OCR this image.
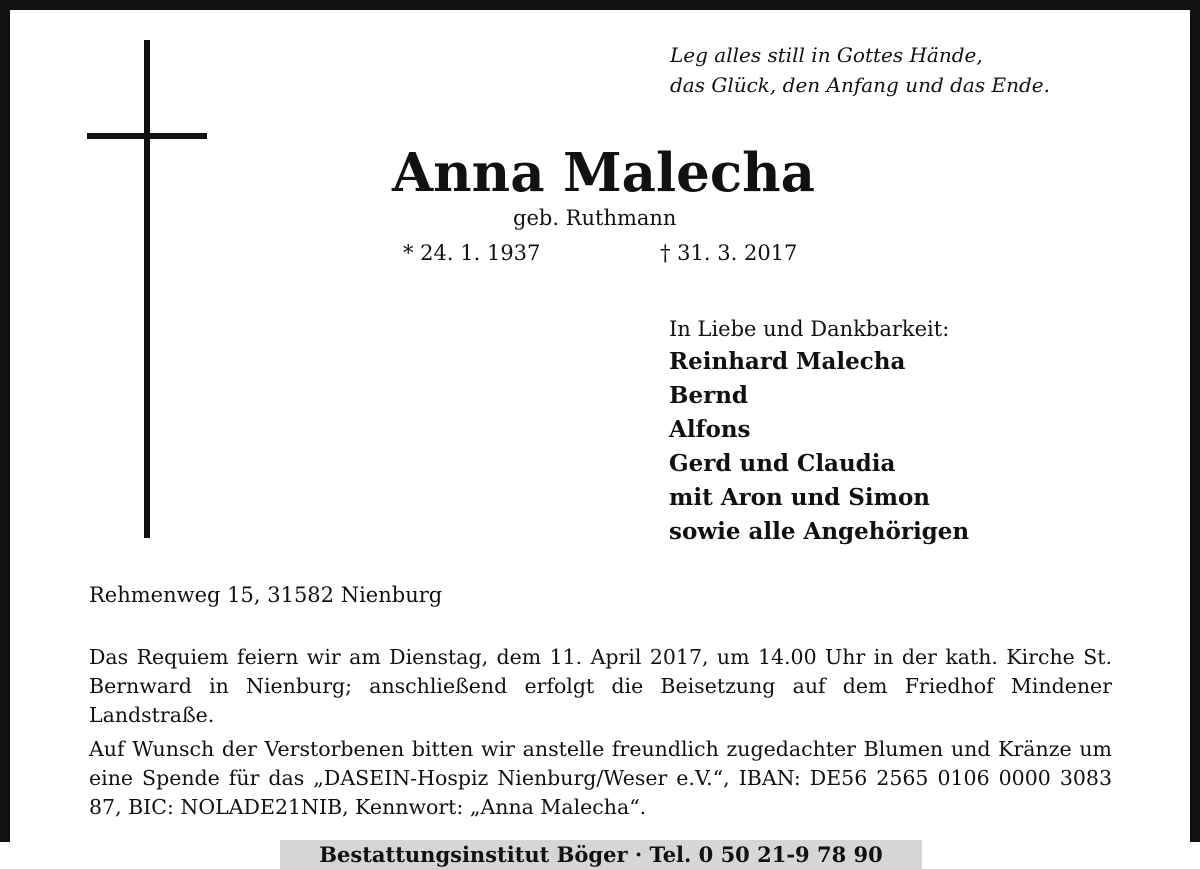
Leg alles still in Gottes Hände,
das Glück, den Anfang und das Ende.
Anna Malecha
geb. Ruthmann
* 24. 1. 1937	† 31. 3. 2017
In Liebe und Dankbarkeit:
Reinhard Malecha
Bernd
Alfons
Gerd und Claudia
mit Aron und Simon
sowie alle Angehörigen
Rehmenweg 15, 31582 Nienburg
Das Requiem feiern wir am Dienstag, dem 11. April 2017, um 14.00 Uhr in der kath. Kirche St. Bernward in Nienburg; anschließend erfolgt die Beisetzung auf dem Friedhof Mindener Landstraße.
Auf Wunsch der Verstorbenen bitten wir anstelle freundlich zugedachter Blumen und Kränze um eine Spende für das „DASEIN-Hospiz Nienburg/Weser e.V.“, IBAN: DE56 2565 0106 0000 3083 87, BIC: NOLADE21NIB, Kennwort: „Anna Malecha“.
Bestattungsinstitut Böger · Tel. 0 50 21-9 78 90
